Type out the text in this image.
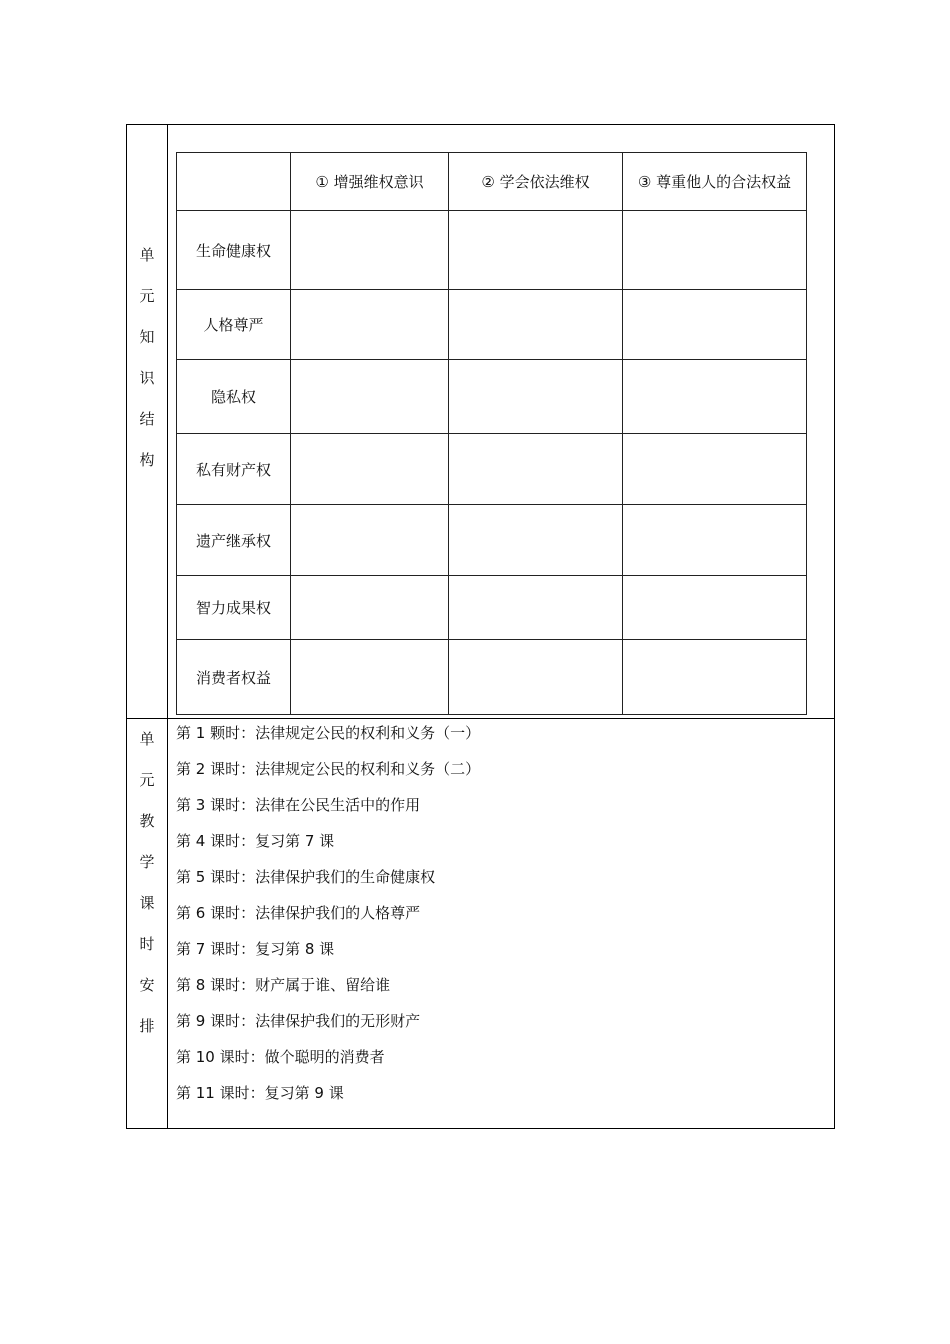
单
元
知
识
结
构
	① 增强维权意识	② 学会依法维权	③ 尊重他人的合法权益
生命健康权			
人格尊严			
隐私权			
私有财产权			
遗产继承权			
智力成果权			
消费者权益			
单
元
教
学
课
时
安
排
第 1 颗时：法律规定公民的权利和义务（一）
第 2 课时：法律规定公民的权利和义务（二）
第 3 课时：法律在公民生活中的作用
第 4 课时：复习第 7 课
第 5 课时：法律保护我们的生命健康权
第 6 课时：法律保护我们的人格尊严
第 7 课时：复习第 8 课
第 8 课时：财产属于谁、留给谁
第 9 课时：法律保护我们的无形财产
第 10 课时：做个聪明的消费者
第 11 课时：复习第 9 课
